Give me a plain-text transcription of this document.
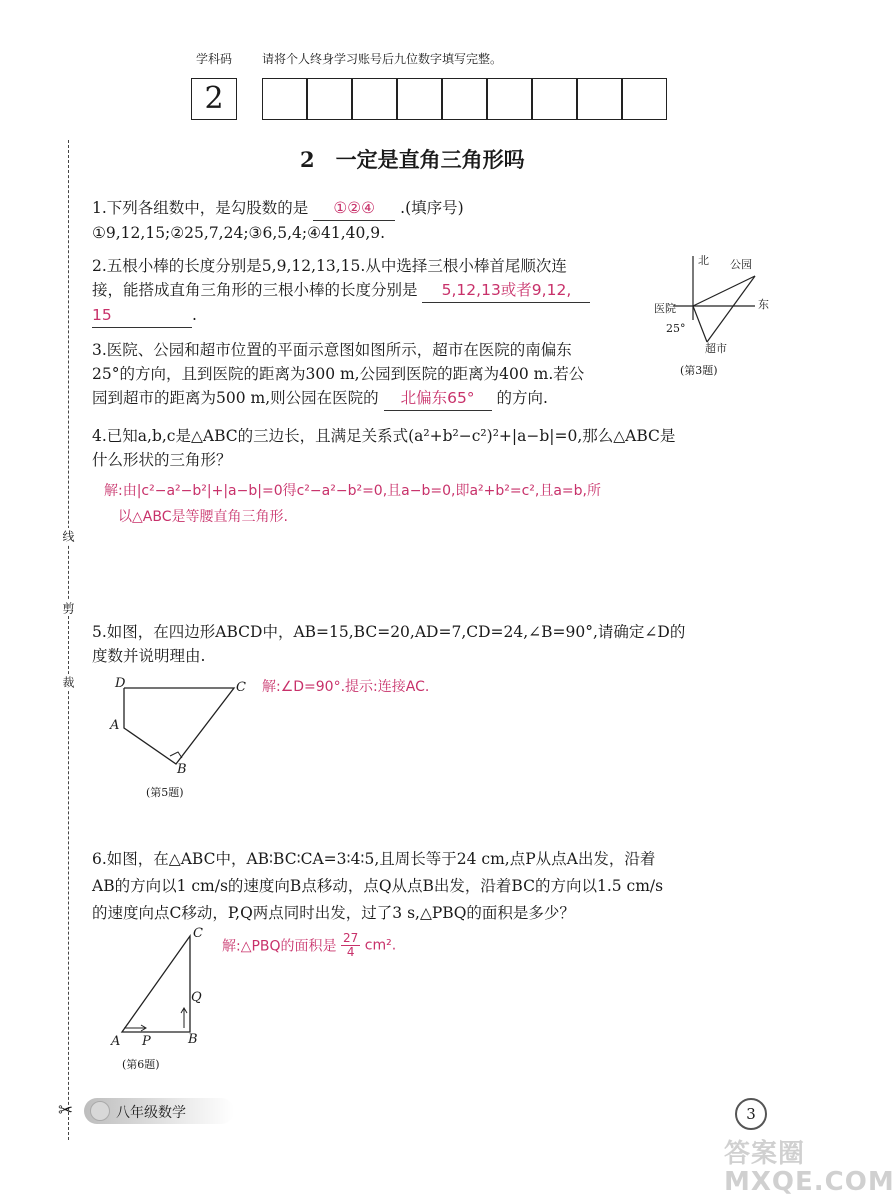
学科码 请将个人终身学习账号后九位数字填写完整。
2
线
剪
裁
✂
2　一定是直角三角形吗
1.下列各组数中，是勾股数的是 ①②④ .(填序号)
①9,12,15;②25,7,24;③6,5,4;④41,40,9.
2.五根小棒的长度分别是5,9,12,13,15.从中选择三根小棒首尾顺次连
接，能搭成直角三角形的三根小棒的长度分别是 5,12,13或者9,12,
15	.
3.医院、公园和超市位置的平面示意图如图所示，超市在医院的南偏东
25°的方向，且到医院的距离为300 m,公园到医院的距离为400 m.若公
园到超市的距离为500 m,则公园在医院的 北偏东65° 的方向.
北 公园
医院	东
25°
超市
(第3题)
4.已知a,b,c是△ABC的三边长，且满足关系式(a²+b²−c²)²+|a−b|=0,那么△ABC是
什么形状的三角形？
解:由|c²−a²−b²|+|a−b|=0得c²−a²−b²=0,且a−b=0,即a²+b²=c²,且a=b,所
以△ABC是等腰直角三角形.
5.如图，在四边形ABCD中，AB=15,BC=20,AD=7,CD=24,∠B=90°,请确定∠D的
度数并说明理由.
D	C
A
B
(第5题)
解:∠D=90°.提示:连接AC.
6.如图，在△ABC中，AB∶BC∶CA=3∶4∶5,且周长等于24 cm,点P从点A出发，沿着
AB的方向以1 cm/s的速度向B点移动，点Q从点B出发，沿着BC的方向以1.5 cm/s
的速度向点C移动，P,Q两点同时出发，过了3 s,△PBQ的面积是多少？
解:△PBQ的面积是 $\frac{27}{4} cm^2$.
C
Q
A P	B
(第6题)
八年级数学	3
答案圈 MXQE.COM
